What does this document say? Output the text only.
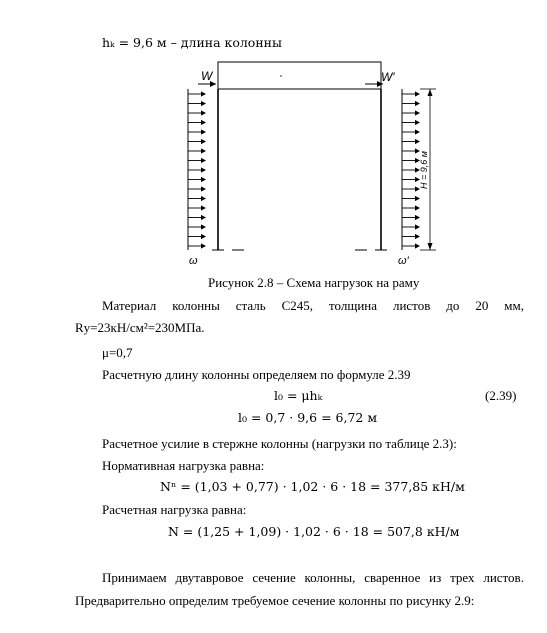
hₖ = 9,6 м – длина колонны
H = 9,6 м
W	W′
ω	ω′
Рисунок 2.8 – Схема нагрузок на раму
Материал колонны сталь С245, толщина листов до 20 мм,
Rу=23кН/см²=230МПа.
μ=0,7
Расчетную длину колонны определяем по формуле 2.39
l₀ = μhₖ	(2.39)
l₀ = 0,7 · 9,6 = 6,72 м
Расчетное усилие в стержне колонны (нагрузки по таблице 2.3):
Нормативная нагрузка равна:
Nⁿ = (1,03 + 0,77) · 1,02 · 6 · 18 = 377,85 кН/м
Расчетная нагрузка равна:
N = (1,25 + 1,09) · 1,02 · 6 · 18 = 507,8 кН/м
Принимаем двутавровое сечение колонны, сваренное из трех листов.
Предварительно определим требуемое сечение колонны по рисунку 2.9:
